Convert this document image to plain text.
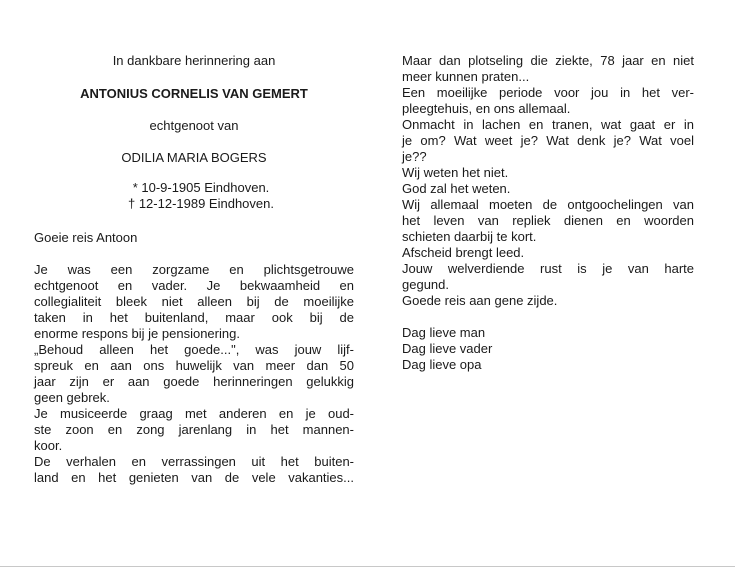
In dankbare herinnering aan
ANTONIUS CORNELIS VAN GEMERT
echtgenoot van
ODILIA MARIA BOGERS
* 10-9-1905 Eindhoven.
† 12-12-1989 Eindhoven.
Goeie reis Antoon
Je was een zorgzame en plichtsgetrouwe
echtgenoot en vader. Je bekwaamheid en
collegialiteit bleek niet alleen bij de moeilijke
taken in het buitenland, maar ook bij de
enorme respons bij je pensionering.
„Behoud alleen het goede...", was jouw lijf-
spreuk en aan ons huwelijk van meer dan 50
jaar zijn er aan goede herinneringen gelukkig
geen gebrek.
Je musiceerde graag met anderen en je oud-
ste zoon en zong jarenlang in het mannen-
koor.
De verhalen en verrassingen uit het buiten-
land en het genieten van de vele vakanties...
Maar dan plotseling die ziekte, 78 jaar en niet
meer kunnen praten...
Een moeilijke periode voor jou in het ver-
pleegtehuis, en ons allemaal.
Onmacht in lachen en tranen, wat gaat er in
je om? Wat weet je? Wat denk je? Wat voel
je??
Wij weten het niet.
God zal het weten.
Wij allemaal moeten de ontgoochelingen van
het leven van repliek dienen en woorden
schieten daarbij te kort.
Afscheid brengt leed.
Jouw welverdiende rust is je van harte
gegund.
Goede reis aan gene zijde.
Dag lieve man
Dag lieve vader
Dag lieve opa
